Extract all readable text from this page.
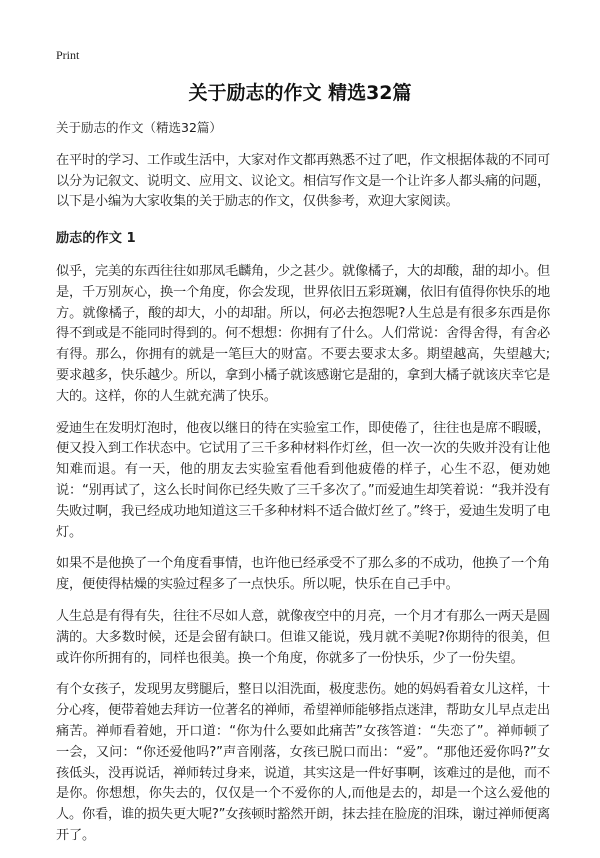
Print
关于励志的作文 精选32篇

关于励志的作文（精选32篇）

在平时的学习、工作或生活中，大家对作文都再熟悉不过了吧，作文根据体裁的不同可以分为记叙文、说明文、应用文、议论文。相信写作文是一个让许多人都头痛的问题，以下是小编为大家收集的关于励志的作文，仅供参考，欢迎大家阅读。

励志的作文 1

似乎，完美的东西往往如那凤毛麟角，少之甚少。就像橘子，大的却酸，甜的却小。但是，千万别灰心，换一个角度，你会发现，世界依旧五彩斑斓，依旧有值得你快乐的地方。就像橘子，酸的却大，小的却甜。所以，何必去抱怨呢?人生总是有很多东西是你得不到或是不能同时得到的。何不想想：你拥有了什么。人们常说：舍得舍得，有舍必有得。那么，你拥有的就是一笔巨大的财富。不要去要求太多。期望越高，失望越大;要求越多，快乐越少。所以，拿到小橘子就该感谢它是甜的，拿到大橘子就该庆幸它是大的。这样，你的人生就充满了快乐。

爱迪生在发明灯泡时，他夜以继日的待在实验室工作，即使倦了，往往也是席不暇暖，便又投入到工作状态中。它试用了三千多种材料作灯丝，但一次一次的失败并没有让他知难而退。有一天，他的朋友去实验室看他看到他疲倦的样子，心生不忍，便劝她说：“别再试了，这么长时间你已经失败了三千多次了。”而爱迪生却笑着说：“我并没有失败过啊，我已经成功地知道这三千多种材料不适合做灯丝了。”终于，爱迪生发明了电灯。

如果不是他换了一个角度看事情，也许他已经承受不了那么多的不成功，他换了一个角度，便使得枯燥的实验过程多了一点快乐。所以呢，快乐在自己手中。

人生总是有得有失，往往不尽如人意，就像夜空中的月亮，一个月才有那么一两天是圆满的。大多数时候，还是会留有缺口。但谁又能说，残月就不美呢?你期待的很美，但或许你所拥有的，同样也很美。换一个角度，你就多了一份快乐，少了一份失望。

有个女孩子，发现男友劈腿后，整日以泪洗面，极度悲伤。她的妈妈看着女儿这样，十分心疼，便带着她去拜访一位著名的禅师，希望禅师能够指点迷津，帮助女儿早点走出痛苦。禅师看着她，开口道：“你为什么要如此痛苦”女孩答道：“失恋了”。禅师顿了一会，又问：“你还爱他吗?”声音刚落，女孩已脱口而出：“爱”。“那他还爱你吗?”女孩低头，没再说话，禅师转过身来，说道，其实这是一件好事啊，该难过的是他，而不是你。你想想，你失去的，仅仅是一个不爱你的人,而他是去的，却是一个这么爱他的人。你看，谁的损失更大呢?”女孩顿时豁然开朗，抹去挂在脸庞的泪珠，谢过禅师便离开了。
